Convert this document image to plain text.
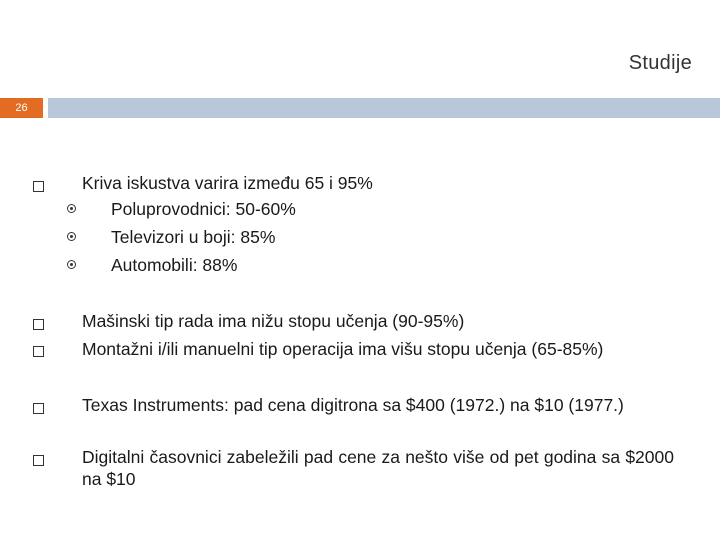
Studije
26
Kriva iskustva varira između 65 i 95%
Poluprovodnici: 50-60%
Televizori u boji: 85%
Automobili: 88%
Mašinski tip rada ima nižu stopu učenja (90-95%)
Montažni i/ili manuelni tip operacija ima višu stopu učenja (65-85%)
Texas Instruments: pad cena digitrona sa $400 (1972.) na $10 (1977.)
Digitalni časovnici zabeležili pad cene za nešto više od pet godina sa $2000 na $10
